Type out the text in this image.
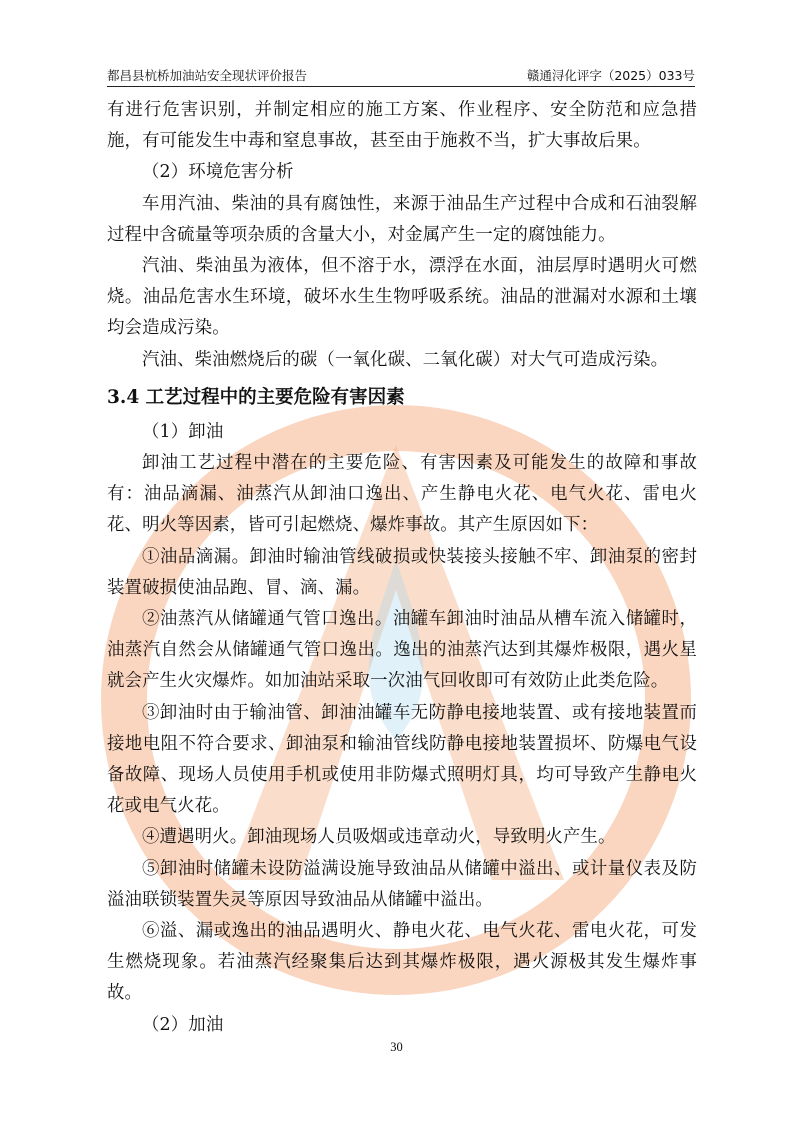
都昌县杭桥加油站安全现状评价报告	赣通浔化评字（2025）033号

有进行危害识别，并制定相应的施工方案、作业程序、安全防范和应急措施，有可能发生中毒和窒息事故，甚至由于施救不当，扩大事故后果。

（2）环境危害分析

车用汽油、柴油的具有腐蚀性，来源于油品生产过程中合成和石油裂解过程中含硫量等项杂质的含量大小，对金属产生一定的腐蚀能力。

汽油、柴油虽为液体，但不溶于水，漂浮在水面，油层厚时遇明火可燃烧。油品危害水生环境，破坏水生生物呼吸系统。油品的泄漏对水源和土壤均会造成污染。

汽油、柴油燃烧后的碳（一氧化碳、二氧化碳）对大气可造成污染。

3.4 工艺过程中的主要危险有害因素

（1）卸油

卸油工艺过程中潜在的主要危险、有害因素及可能发生的故障和事故有：油品滴漏、油蒸汽从卸油口逸出、产生静电火花、电气火花、雷电火花、明火等因素，皆可引起燃烧、爆炸事故。其产生原因如下：

①油品滴漏。卸油时输油管线破损或快装接头接触不牢、卸油泵的密封装置破损使油品跑、冒、滴、漏。

②油蒸汽从储罐通气管口逸出。油罐车卸油时油品从槽车流入储罐时，油蒸汽自然会从储罐通气管口逸出。逸出的油蒸汽达到其爆炸极限，遇火星就会产生火灾爆炸。如加油站采取一次油气回收即可有效防止此类危险。

③卸油时由于输油管、卸油油罐车无防静电接地装置、或有接地装置而接地电阻不符合要求、卸油泵和输油管线防静电接地装置损坏、防爆电气设备故障、现场人员使用手机或使用非防爆式照明灯具，均可导致产生静电火花或电气火花。

④遭遇明火。卸油现场人员吸烟或违章动火，导致明火产生。

⑤卸油时储罐未设防溢满设施导致油品从储罐中溢出、或计量仪表及防溢油联锁装置失灵等原因导致油品从储罐中溢出。

⑥溢、漏或逸出的油品遇明火、静电火花、电气火花、雷电火花，可发生燃烧现象。若油蒸汽经聚集后达到其爆炸极限，遇火源极其发生爆炸事故。

（2）加油

30
